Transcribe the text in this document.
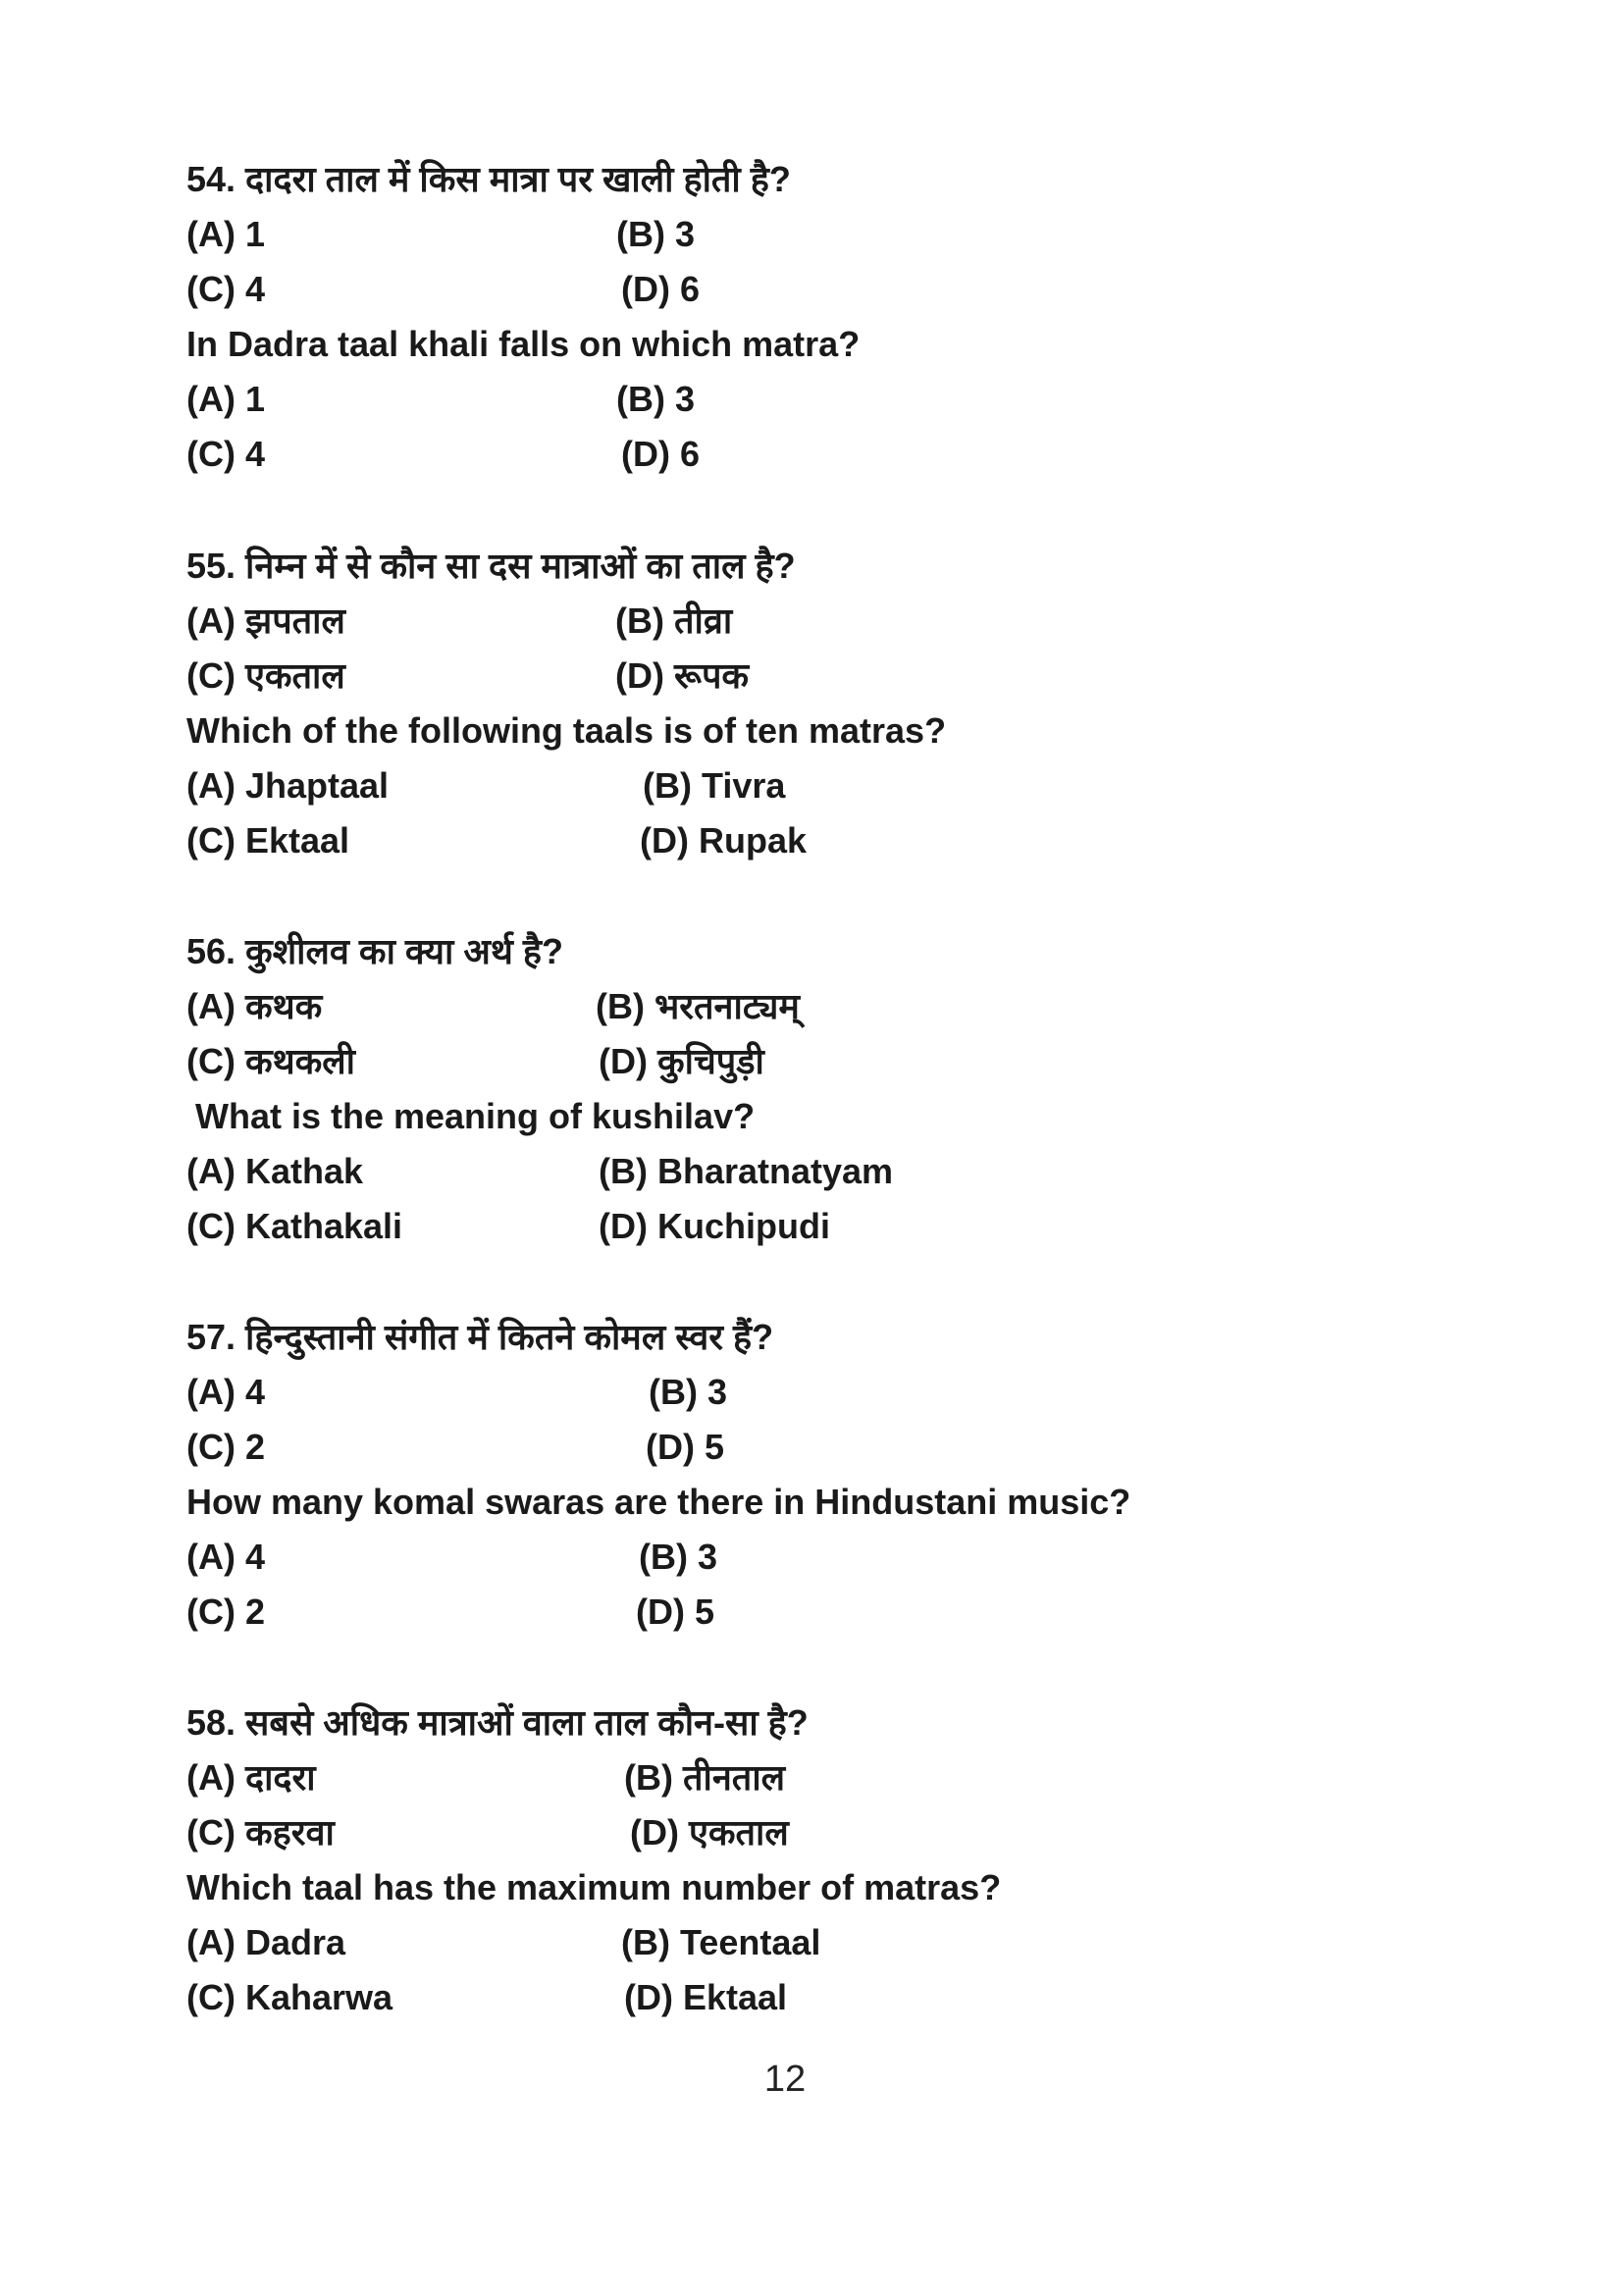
54. दादरा ताल में किस मात्रा पर खाली होती है?
(A) 1	(B) 3
(C) 4	(D) 6
In Dadra taal khali falls on which matra?
(A) 1	(B) 3
(C) 4	(D) 6
55. निम्न में से कौन सा दस मात्राओं का ताल है?
(A) झपताल	(B) तीव्रा
(C) एकताल	(D) रूपक
Which of the following taals is of ten matras?
(A) Jhaptaal	(B) Tivra
(C) Ektaal	(D) Rupak
56. कुशीलव का क्या अर्थ है?
(A) कथक	(B) भरतनाट्यम्
(C) कथकली	(D) कुचिपुड़ी
What is the meaning of kushilav?
(A) Kathak	(B) Bharatnatyam
(C) Kathakali	(D) Kuchipudi
57. हिन्दुस्तानी संगीत में कितने कोमल स्वर हैं?
(A) 4	(B) 3
(C) 2	(D) 5
How many komal swaras are there in Hindustani music?
(A) 4	(B) 3
(C) 2	(D) 5
58. सबसे अधिक मात्राओं वाला ताल कौन-सा है?
(A) दादरा	(B) तीनताल
(C) कहरवा	(D) एकताल
Which taal has the maximum number of matras?
(A) Dadra	(B) Teentaal
(C) Kaharwa	(D) Ektaal
12
